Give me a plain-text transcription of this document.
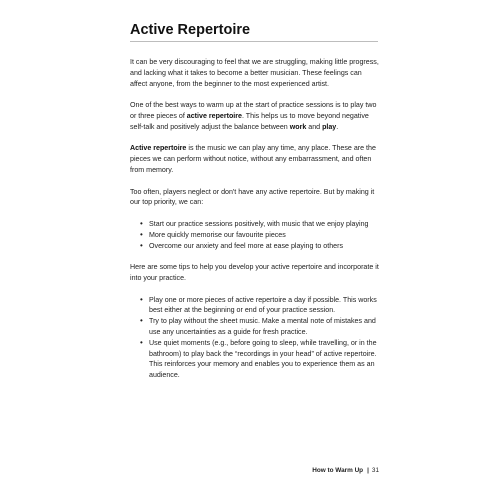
Active Repertoire

It can be very discouraging to feel that we are struggling, making little progress, and lacking what it takes to become a better musician. These feelings can affect anyone, from the beginner to the most experienced artist.

One of the best ways to warm up at the start of practice sessions is to play two or three pieces of active repertoire. This helps us to move beyond negative self-talk and positively adjust the balance between work and play.

Active repertoire is the music we can play any time, any place. These are the pieces we can perform without notice, without any embarrassment, and often from memory.

Too often, players neglect or don't have any active repertoire. But by making it our top priority, we can:

• Start our practice sessions positively, with music that we enjoy playing
• More quickly memorise our favourite pieces
• Overcome our anxiety and feel more at ease playing to others

Here are some tips to help you develop your active repertoire and incorporate it into your practice.

• Play one or more pieces of active repertoire a day if possible. This works best either at the beginning or end of your practice session.
• Try to play without the sheet music. Make a mental note of mistakes and use any uncertainties as a guide for fresh practice.
• Use quiet moments (e.g., before going to sleep, while travelling, or in the bathroom) to play back the “recordings in your head” of active repertoire. This reinforces your memory and enables you to experience them as an audience.
How to Warm Up | 31
